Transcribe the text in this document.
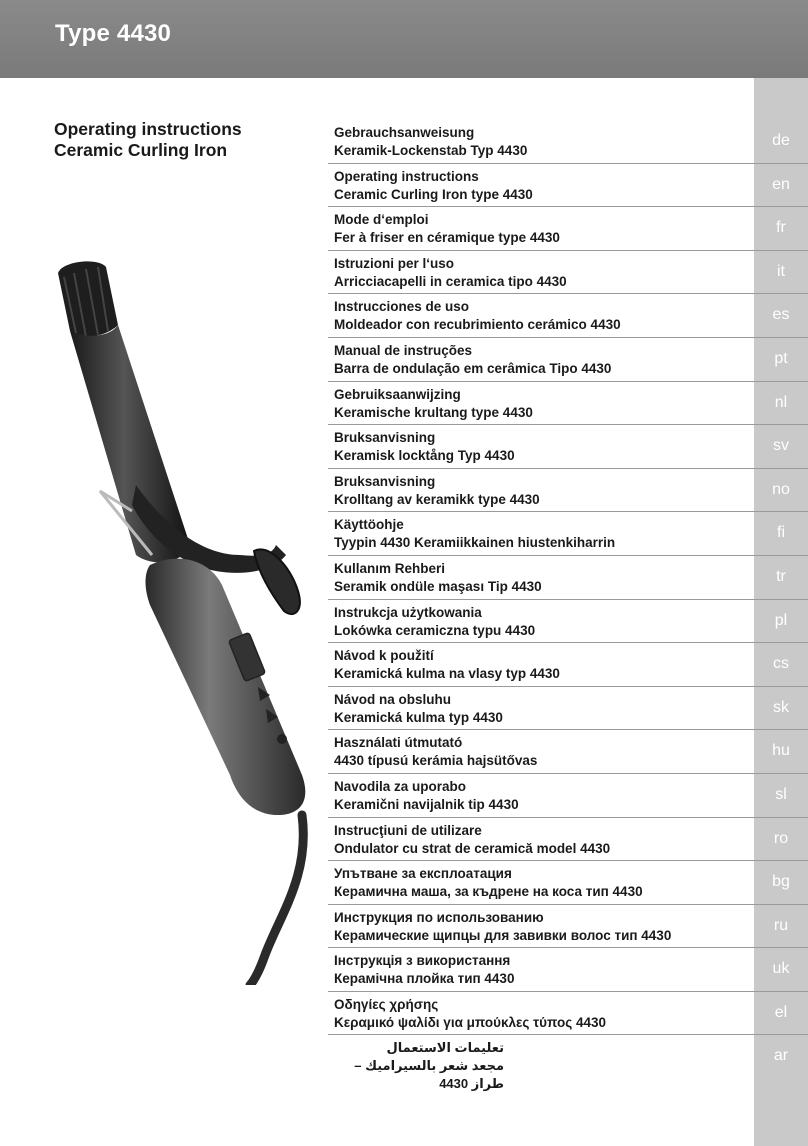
Type 4430
Operating instructions
Ceramic Curling Iron
Gebrauchsanweisung
Keramik-Lockenstab Typ 4430
de
Operating instructions
Ceramic Curling Iron type 4430
en
Mode d‘emploi
Fer à friser en céramique type 4430
fr
Istruzioni per l‘uso
Arricciacapelli in ceramica tipo 4430
it
Instrucciones de uso
Moldeador con recubrimiento cerámico 4430
es
Manual de instruções
Barra de ondulação em cerâmica Tipo 4430
pt
Gebruiksaanwijzing
Keramische krultang type 4430
nl
Bruksanvisning
Keramisk locktång Typ 4430
sv
Bruksanvisning
Krolltang av keramikk type 4430
no
Käyttöohje
Tyypin 4430 Keramiikkainen hiustenkiharrin
fi
Kullanım Rehberi
Seramik ondüle maşası Tip 4430
tr
Instrukcja użytkowania
Lokówka ceramiczna typu 4430
pl
Návod k použití
Keramická kulma na vlasy typ 4430
cs
Návod na obsluhu
Keramická kulma typ 4430
sk
Használati útmutató
4430 típusú kerámia hajsütővas
hu
Navodila za uporabo
Keramični navijalnik tip 4430
sl
Instrucţiuni de utilizare
Ondulator cu strat de ceramică model 4430
ro
Упътване за експлоатация
Керамична маша, за къдрене на коса тип 4430
bg
Инструкция по использованию
Керамические щипцы для завивки волос тип 4430
ru
Інструкція з використання
Керамічна плойка тип 4430
uk
Οδηγίες χρήσης
Κεραμικό ψαλίδι για μπούκλες τύπος 4430
el
تعليمات الاستعمال
مجعد شعر بالسيراميك – طراز 4430
ar
